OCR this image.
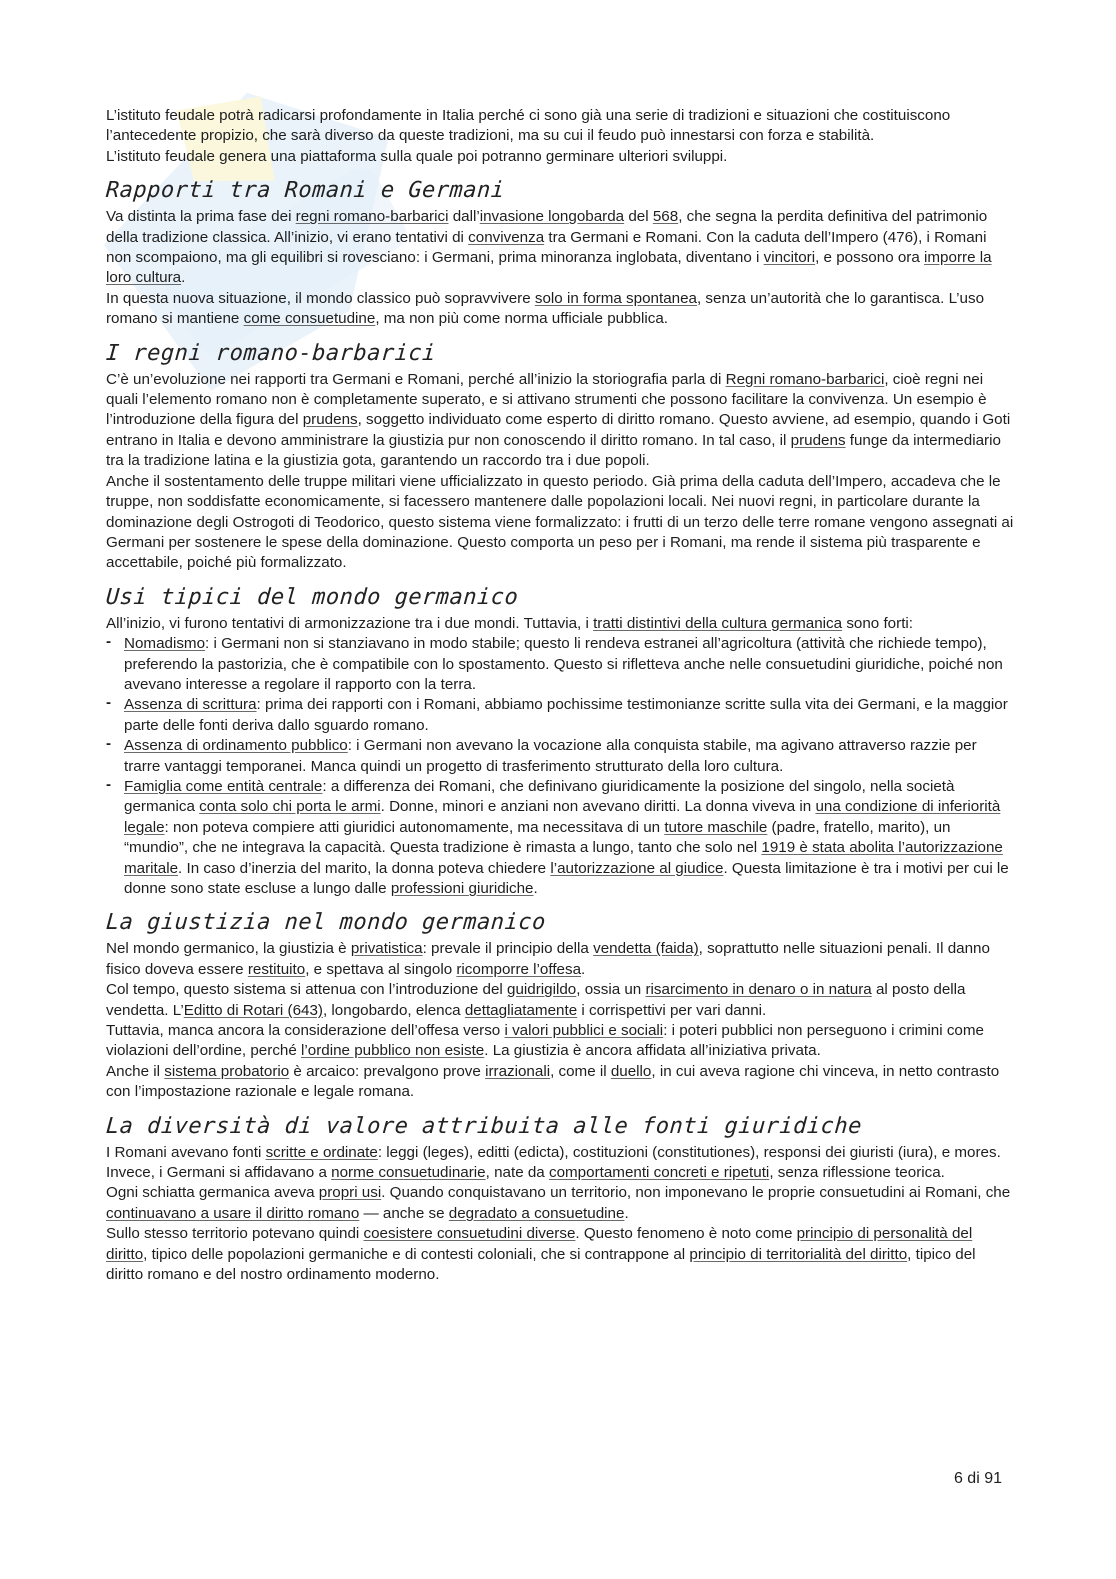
L’istituto feudale potrà radicarsi profondamente in Italia perché ci sono già una serie di tradizioni e situazioni che costituiscono l’antecedente propizio, che sarà diverso da queste tradizioni, ma su cui il feudo può innestarsi con forza e stabilità.

L’istituto feudale genera una piattaforma sulla quale poi potranno germinare ulteriori sviluppi.

Rapporti tra Romani e Germani

Va distinta la prima fase dei regni romano-barbarici dall’invasione longobarda del 568, che segna la perdita definitiva del patrimonio della tradizione classica. All’inizio, vi erano tentativi di convivenza tra Germani e Romani. Con la caduta dell’Impero (476), i Romani non scompaiono, ma gli equilibri si rovesciano: i Germani, prima minoranza inglobata, diventano i vincitori, e possono ora imporre la loro cultura.

In questa nuova situazione, il mondo classico può sopravvivere solo in forma spontanea, senza un’autorità che lo garantisca. L’uso romano si mantiene come consuetudine, ma non più come norma ufficiale pubblica.

I regni romano-barbarici

C’è un’evoluzione nei rapporti tra Germani e Romani, perché all’inizio la storiografia parla di Regni romano-barbarici, cioè regni nei quali l’elemento romano non è completamente superato, e si attivano strumenti che possono facilitare la convivenza. Un esempio è l’introduzione della figura del prudens, soggetto individuato come esperto di diritto romano. Questo avviene, ad esempio, quando i Goti entrano in Italia e devono amministrare la giustizia pur non conoscendo il diritto romano. In tal caso, il prudens funge da intermediario tra la tradizione latina e la giustizia gota, garantendo un raccordo tra i due popoli.

Anche il sostentamento delle truppe militari viene ufficializzato in questo periodo. Già prima della caduta dell’Impero, accadeva che le truppe, non soddisfatte economicamente, si facessero mantenere dalle popolazioni locali. Nei nuovi regni, in particolare durante la dominazione degli Ostrogoti di Teodorico, questo sistema viene formalizzato: i frutti di un terzo delle terre romane vengono assegnati ai Germani per sostenere le spese della dominazione. Questo comporta un peso per i Romani, ma rende il sistema più trasparente e accettabile, poiché più formalizzato.

Usi tipici del mondo germanico

All’inizio, vi furono tentativi di armonizzazione tra i due mondi. Tuttavia, i tratti distintivi della cultura germanica sono forti:

- Nomadismo: i Germani non si stanziavano in modo stabile; questo li rendeva estranei all’agricoltura (attività che richiede tempo), preferendo la pastorizia, che è compatibile con lo spostamento. Questo si rifletteva anche nelle consuetudini giuridiche, poiché non avevano interesse a regolare il rapporto con la terra.
- Assenza di scrittura: prima dei rapporti con i Romani, abbiamo pochissime testimonianze scritte sulla vita dei Germani, e la maggior parte delle fonti deriva dallo sguardo romano.
- Assenza di ordinamento pubblico: i Germani non avevano la vocazione alla conquista stabile, ma agivano attraverso razzie per trarre vantaggi temporanei. Manca quindi un progetto di trasferimento strutturato della loro cultura.
- Famiglia come entità centrale: a differenza dei Romani, che definivano giuridicamente la posizione del singolo, nella società germanica conta solo chi porta le armi. Donne, minori e anziani non avevano diritti. La donna viveva in una condizione di inferiorità legale: non poteva compiere atti giuridici autonomamente, ma necessitava di un tutore maschile (padre, fratello, marito), un “mundio”, che ne integrava la capacità. Questa tradizione è rimasta a lungo, tanto che solo nel 1919 è stata abolita l’autorizzazione maritale. In caso d’inerzia del marito, la donna poteva chiedere l’autorizzazione al giudice. Questa limitazione è tra i motivi per cui le donne sono state escluse a lungo dalle professioni giuridiche.
La giustizia nel mondo germanico

Nel mondo germanico, la giustizia è privatistica: prevale il principio della vendetta (faida), soprattutto nelle situazioni penali. Il danno fisico doveva essere restituito, e spettava al singolo ricomporre l’offesa.

Col tempo, questo sistema si attenua con l’introduzione del guidrigildo, ossia un risarcimento in denaro o in natura al posto della vendetta. L’Editto di Rotari (643), longobardo, elenca dettagliatamente i corrispettivi per vari danni.

Tuttavia, manca ancora la considerazione dell’offesa verso i valori pubblici e sociali: i poteri pubblici non perseguono i crimini come violazioni dell’ordine, perché l’ordine pubblico non esiste. La giustizia è ancora affidata all’iniziativa privata.

Anche il sistema probatorio è arcaico: prevalgono prove irrazionali, come il duello, in cui aveva ragione chi vinceva, in netto contrasto con l’impostazione razionale e legale romana.

La diversità di valore attribuita alle fonti giuridiche

I Romani avevano fonti scritte e ordinate: leggi (leges), editti (edicta), costituzioni (constitutiones), responsi dei giuristi (iura), e mores. Invece, i Germani si affidavano a norme consuetudinarie, nate da comportamenti concreti e ripetuti, senza riflessione teorica.

Ogni schiatta germanica aveva propri usi. Quando conquistavano un territorio, non imponevano le proprie consuetudini ai Romani, che continuavano a usare il diritto romano — anche se degradato a consuetudine.

Sullo stesso territorio potevano quindi coesistere consuetudini diverse. Questo fenomeno è noto come principio di personalità del diritto, tipico delle popolazioni germaniche e di contesti coloniali, che si contrappone al principio di territorialità del diritto, tipico del diritto romano e del nostro ordinamento moderno.

6 di 91
